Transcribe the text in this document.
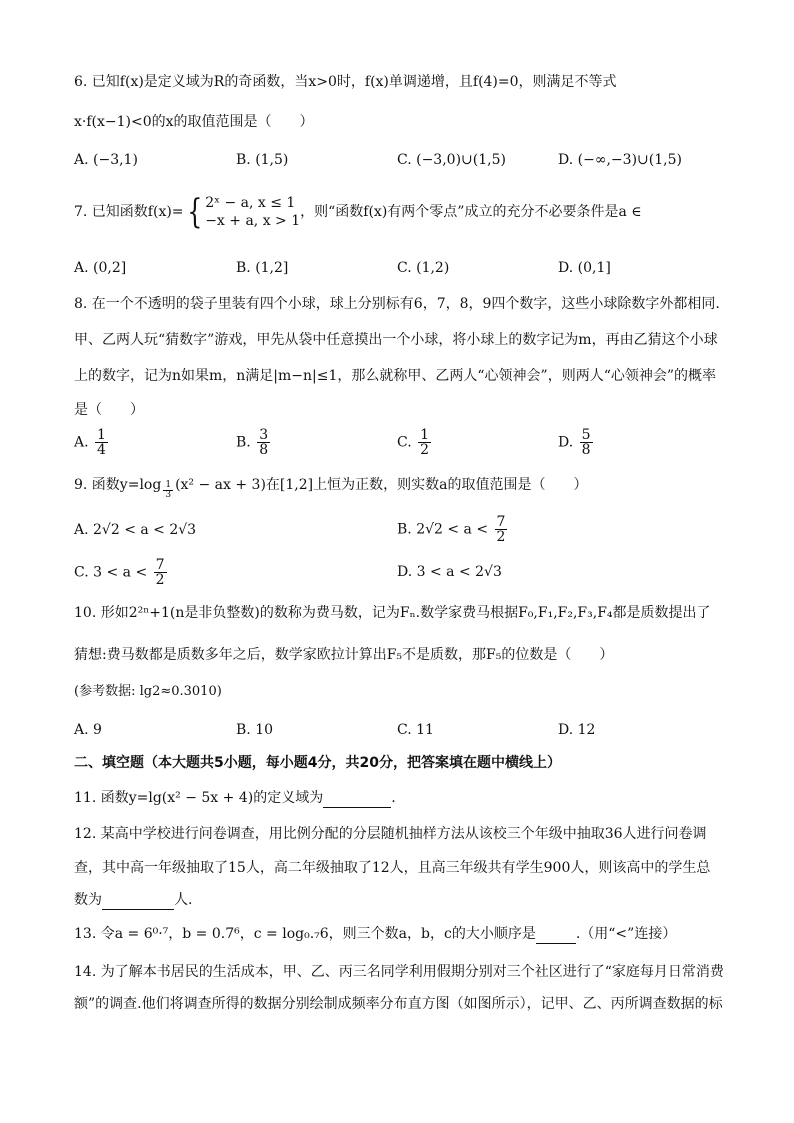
6. 已知f(x)是定义域为R的奇函数，当x>0时，f(x)单调递增，且f(4)=0，则满足不等式
x·f(x−1)<0的x的取值范围是（　　）
A. (−3,1)	B. (1,5)	C. (−3,0)∪(1,5)	D. (−∞,−3)∪(1,5)
7. 已知函数f(x)={ 2ˣ − a, x ≤ 1
−x + a, x > 1
，则“函数f(x)有两个零点”成立的充分不必要条件是a ∈
A. (0,2]	B. (1,2]	C. (1,2)	D. (0,1]
8. 在一个不透明的袋子里装有四个小球，球上分别标有6，7，8，9四个数字，这些小球除数字外都相同.
甲、乙两人玩“猜数字”游戏，甲先从袋中任意摸出一个小球，将小球上的数字记为m，再由乙猜这个小球
上的数字，记为n如果m，n满足|m−n|≤1，那么就称甲、乙两人“心领神会”，则两人“心领神会”的概率
是（　　）
A. $\frac{1}{4}$	B. $\frac{3}{8}$	C. $\frac{1}{2}$	D. $\frac{5}{8}$
9. 函数$y=\log \frac{1}{3} (x^2$ − ax + 3)在[1,2]上恒为正数，则实数a的取值范围是（　　）
A. 2√2 < a < 2√3	B. $2√2 < a < \frac{7}{2}$
C. $3 < a < \frac{7}{2}$	D. 3 < a < 2√3
10. 形如2²ⁿ+1(n是非负整数)的数称为费马数，记为Fₙ.数学家费马根据F₀,F₁,F₂,F₃,F₄都是质数提出了
猜想:费马数都是质数多年之后，数学家欧拉计算出F₅不是质数，那F₅的位数是（　　）
(参考数据: lg2≈0.3010)
A. 9	B. 10	C. 11	D. 12
二、填空题（本大题共5小题，每小题4分，共20分，把答案填在题中横线上）
11. 函数y=lg(x² − 5x + 4)的定义域为	.
12. 某高中学校进行问卷调查，用比例分配的分层随机抽样方法从该校三个年级中抽取36人进行问卷调
查，其中高一年级抽取了15人，高二年级抽取了12人，且高三年级共有学生900人，则该高中的学生总
数为	人.
13. 令a = 6⁰·⁷，b = 0.7⁶，c = log₀.₇6，则三个数a，b，c的大小顺序是	.（用“<”连接）
14. 为了解本书居民的生活成本，甲、乙、丙三名同学利用假期分别对三个社区进行了“家庭每月日常消费
额”的调查.他们将调查所得的数据分别绘制成频率分布直方图（如图所示），记甲、乙、丙所调查数据的标
